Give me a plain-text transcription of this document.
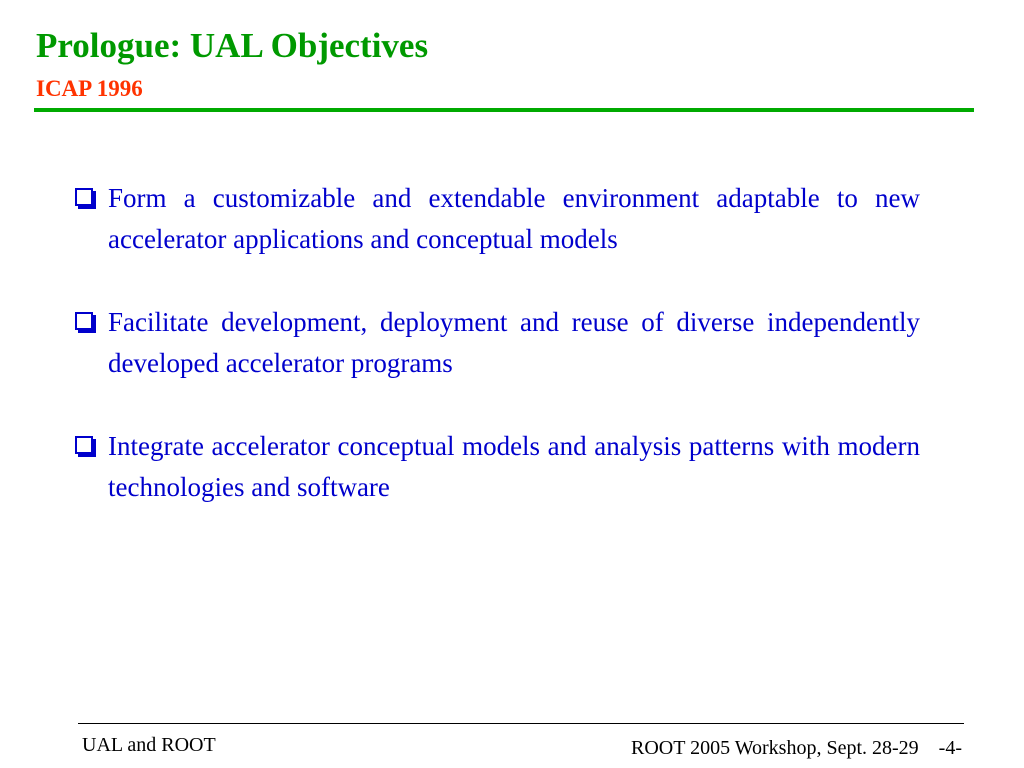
Prologue: UAL Objectives
ICAP 1996
Form a customizable and extendable environment adaptable to new accelerator applications and conceptual models
Facilitate development, deployment and reuse of diverse independently developed accelerator programs
Integrate accelerator conceptual models and analysis patterns with modern technologies and software
UAL and ROOT	ROOT 2005 Workshop, Sept. 28-29    -4-
